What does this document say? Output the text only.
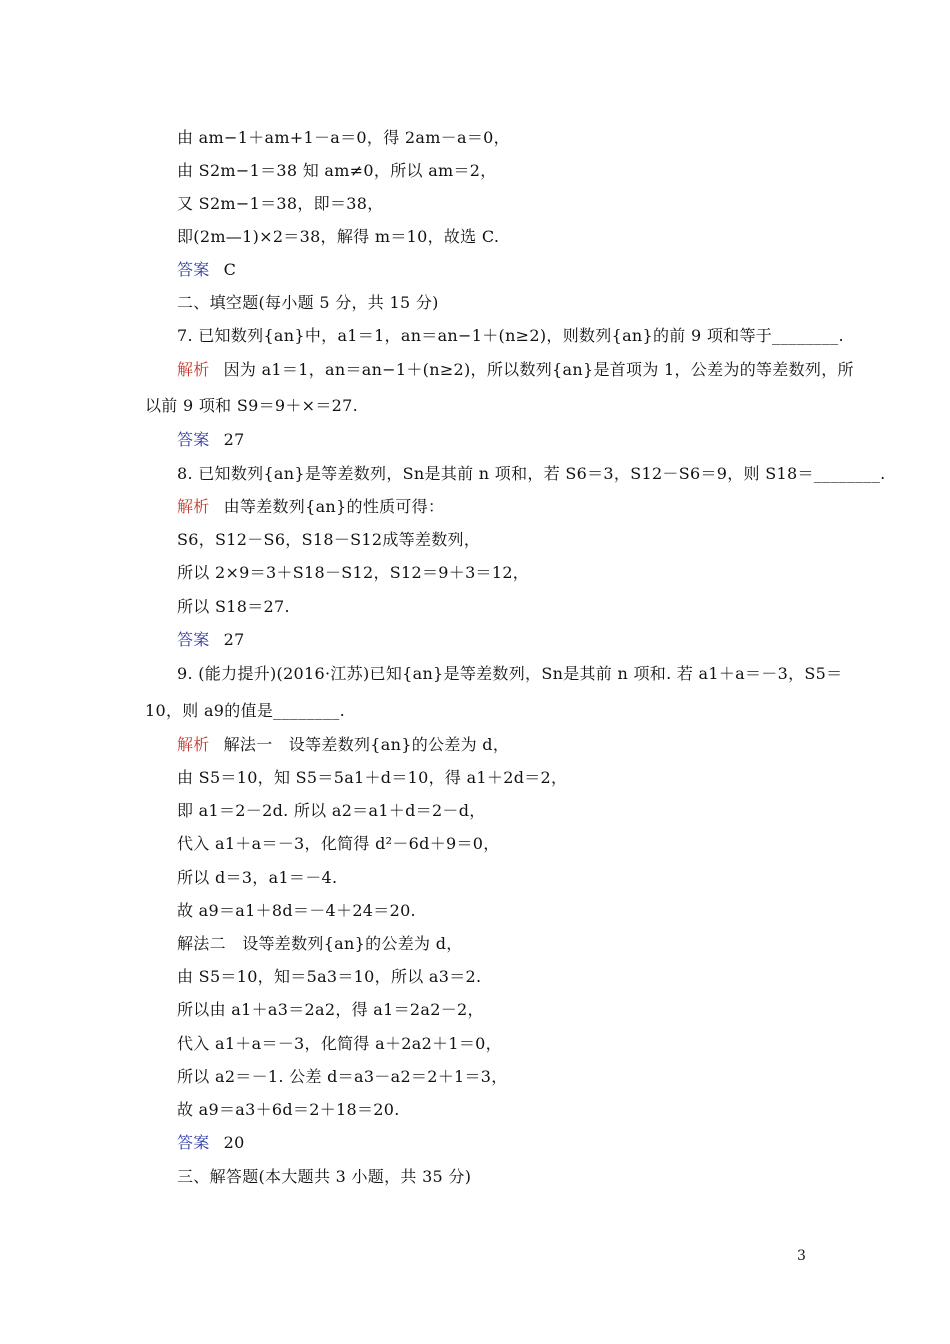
由 am−1＋am+1－a＝0，得 2am－a＝0，
由 S2m−1＝38 知 am≠0，所以 am＝2，
又 S2m−1＝38，即＝38，
即(2m—1)×2＝38，解得 m＝10，故选 C.
答案 C
二、填空题(每小题 5 分，共 15 分)
7. 已知数列{an}中，a1＝1，an＝an−1＋(n≥2)，则数列{an}的前 9 项和等于________.
解析 因为 a1＝1，an＝an−1＋(n≥2)，所以数列{an}是首项为 1，公差为的等差数列，所
以前 9 项和 S9＝9＋×＝27.
答案 27
8. 已知数列{an}是等差数列，Sn是其前 n 项和，若 S6＝3，S12－S6＝9，则 S18＝________.
解析 由等差数列{an}的性质可得：
S6，S12－S6，S18－S12成等差数列，
所以 2×9＝3＋S18－S12，S12＝9＋3＝12，
所以 S18＝27.
答案 27
9. (能力提升)(2016·江苏)已知{an}是等差数列，Sn是其前 n 项和. 若 a1＋a＝－3，S5＝
10，则 a9的值是________.
解析 解法一　设等差数列{an}的公差为 d，
由 S5＝10，知 S5＝5a1＋d＝10，得 a1＋2d＝2，
即 a1＝2－2d. 所以 a2＝a1＋d＝2－d，
代入 a1＋a＝－3，化简得 d²－6d＋9＝0，
所以 d＝3，a1＝－4.
故 a9＝a1＋8d＝－4＋24＝20.
解法二　设等差数列{an}的公差为 d，
由 S5＝10，知＝5a3＝10，所以 a3＝2.
所以由 a1＋a3＝2a2，得 a1＝2a2－2，
代入 a1＋a＝－3，化简得 a＋2a2＋1＝0，
所以 a2＝－1. 公差 d＝a3－a2＝2＋1＝3，
故 a9＝a3＋6d＝2＋18＝20.
答案 20
三、解答题(本大题共 3 小题，共 35 分)
3
